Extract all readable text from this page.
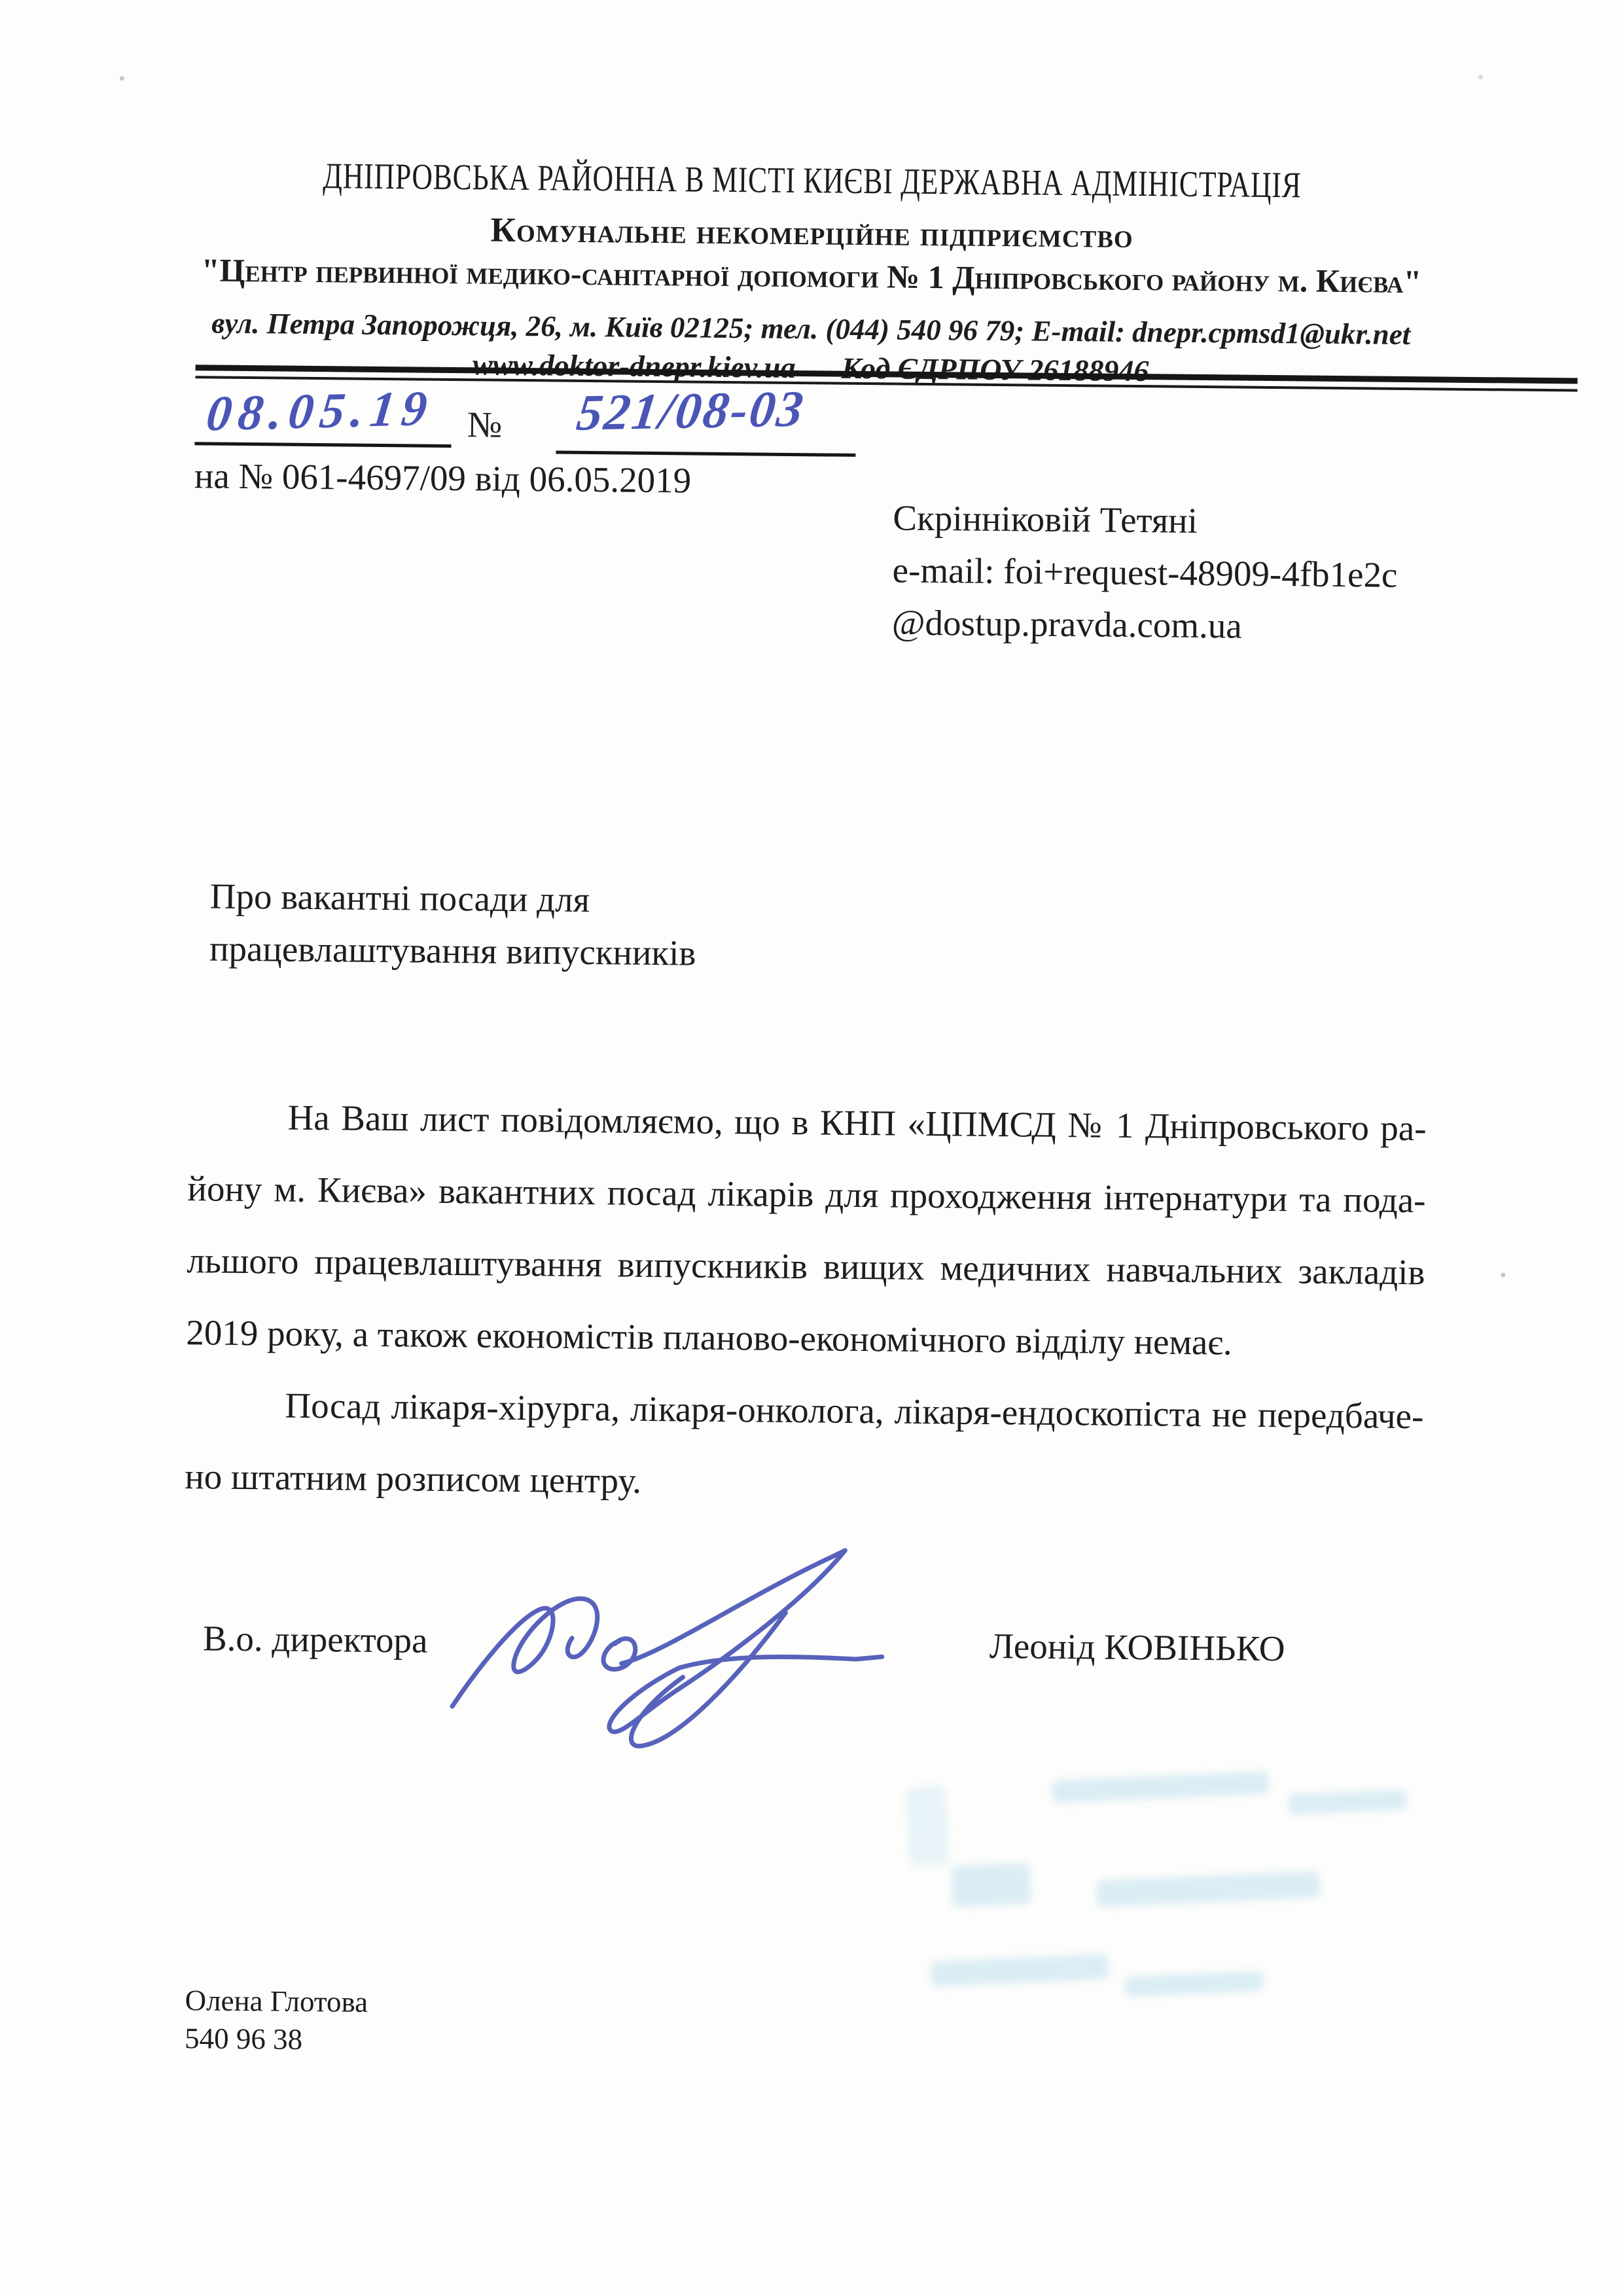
ДНІПРОВСЬКА РАЙОННА В МІСТІ КИЄВІ ДЕРЖАВНА АДМІНІСТРАЦІЯ
Комунальне некомерційне підприємство
"Центр первинної медико-санітарної допомоги № 1 Дніпровського району м. Києва"
вул. Петра Запорожця, 26, м. Київ 02125; тел. (044) 540 96 79; E-mail: dnepr.cpmsd1@ukr.net
www.doktor-dnepr.kiev.ua Код ЄДРПОУ 26188946
08.05.19 № 521/08-03
на № 061-4697/09 від 06.05.2019
Скрінніковій Тетяні
e-mail: foi+request-48909-4fb1e2c
@dostup.pravda.com.ua
Про вакантні посади для
працевлаштування випускників
На Ваш лист повідомляємо, що в КНП «ЦПМСД № 1 Дніпровського ра-
йону м. Києва» вакантних посад лікарів для проходження інтернатури та пода-
льшого працевлаштування випускників вищих медичних навчальних закладів
2019 року, а також економістів планово-економічного відділу немає.
Посад лікаря-хірурга, лікаря-онколога, лікаря-ендоскопіста не передбаче-
но штатним розписом центру.
В.о. директора	Леонід КОВІНЬКО
Олена Глотова
540 96 38
